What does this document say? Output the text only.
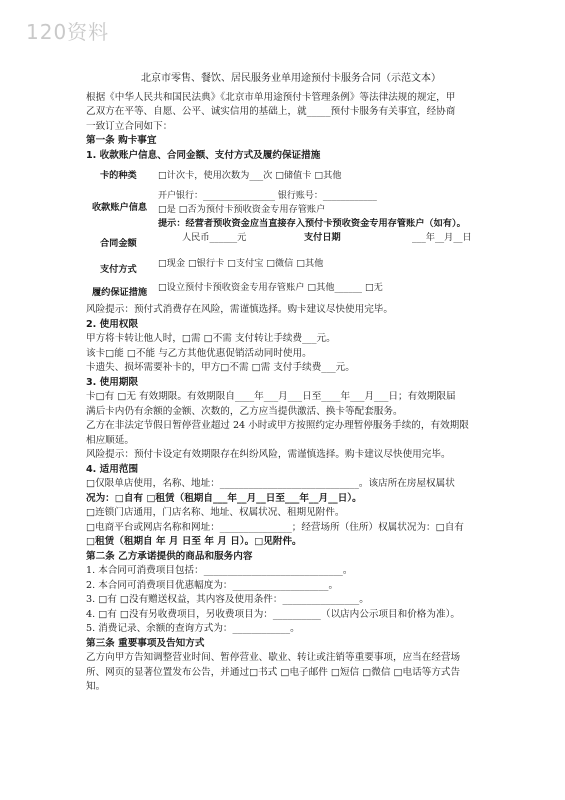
120资料
北京市零售、餐饮、居民服务业单用途预付卡服务合同（示范文本）
根据《中华人民共和国民法典》《北京市单用途预付卡管理条例》等法律法规的规定，甲
乙双方在平等、自愿、公平、诚实信用的基础上，就_____预付卡服务有关事宜，经协商
一致订立合同如下：
第一条 购卡事宜
1. 收款账户信息、合同金额、支付方式及履约保证措施
卡的种类 □计次卡，使用次数为___次 □储值卡 □其他
开户银行：________________ 银行账号：____________
收款账户信息 □是 □否为预付卡预收资金专用存管账户
提示：经营者预收资金应当直接存入预付卡预收资金专用存管账户（如有）。
人民币______元	支付日期	___年__月__日
合同金额
支付方式
□现金 □银行卡 □支付宝 □微信 □其他
□设立预付卡预收资金专用存管账户 □其他______ □无
履约保证措施
风险提示：预付式消费存在风险，需谨慎选择。购卡建议尽快使用完毕。
2. 使用权限
甲方将卡转让他人时，□需 □不需 支付转让手续费___元。
该卡□能 □不能 与乙方其他优惠促销活动同时使用。
卡遗失、损坏需要补卡的，甲方□不需 □需 支付手续费___元。
3. 使用期限
卡□有 □无 有效期限。有效期限自____年___月___日至____年___月___日；有效期限届
满后卡内仍有余额的金额、次数的，乙方应当提供激活、换卡等配套服务。
乙方在非法定节假日暂停营业超过 24 小时或甲方按照约定办理暂停服务手续的，有效期限
相应顺延。
风险提示：预付卡设定有效期限存在纠纷风险，需谨慎选择。购卡建议尽快使用完毕。
4. 适用范围
□仅限单店使用，名称、地址：_____________________________。该店所在房屋权属状
况为：□自有 □租赁（租期自___年__月__日至___年__月__日）。
□连锁门店通用，门店名称、地址、权属状况、租期见附件。
□电商平台或网店名称和网址：_______________；经营场所（住所）权属状况为：□自有
□租赁（租期自 年 月 日至 年 月 日）。□见附件。
第二条 乙方承诺提供的商品和服务内容
1. 本合同可消费项目包括：_____________________________。
2. 本合同可消费项目优惠幅度为：____________________。
3. □有 □没有赠送权益，其内容及使用条件：________________。
4. □有 □没有另收费项目，另收费项目为：__________（以店内公示项目和价格为准）。
5. 消费记录、余额的查询方式为：____________。
第三条 重要事项及告知方式
乙方向甲方告知调整营业时间、暂停营业、歇业、转让或注销等重要事项，应当在经营场
所、网页的显著位置发布公告，并通过□书式 □电子邮件 □短信 □微信 □电话等方式告
知。
